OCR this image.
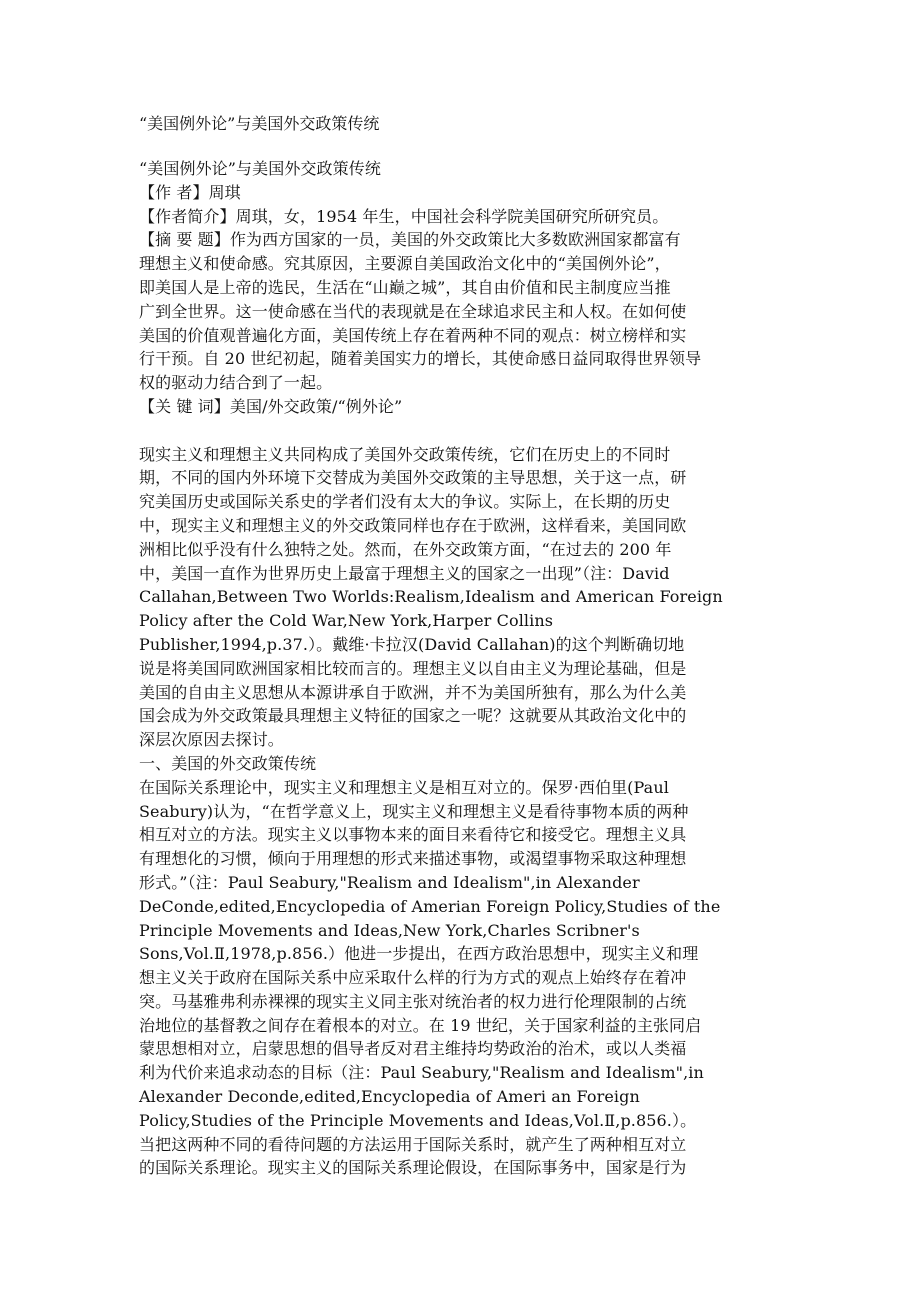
“美国例外论”与美国外交政策传统
“美国例外论”与美国外交政策传统
【作 者】周琪
【作者简介】周琪，女，1954 年生，中国社会科学院美国研究所研究员。
【摘 要 题】作为西方国家的一员，美国的外交政策比大多数欧洲国家都富有
理想主义和使命感。究其原因，主要源自美国政治文化中的“美国例外论”，
即美国人是上帝的选民，生活在“山巅之城”，其自由价值和民主制度应当推
广到全世界。这一使命感在当代的表现就是在全球追求民主和人权。在如何使
美国的价值观普遍化方面，美国传统上存在着两种不同的观点：树立榜样和实
行干预。自 20 世纪初起，随着美国实力的增长，其使命感日益同取得世界领导
权的驱动力结合到了一起。
【关 键 词】美国/外交政策/“例外论”
现实主义和理想主义共同构成了美国外交政策传统，它们在历史上的不同时
期，不同的国内外环境下交替成为美国外交政策的主导思想，关于这一点，研
究美国历史或国际关系史的学者们没有太大的争议。实际上，在长期的历史
中，现实主义和理想主义的外交政策同样也存在于欧洲，这样看来，美国同欧
洲相比似乎没有什么独特之处。然而，在外交政策方面，“在过去的 200 年
中，美国一直作为世界历史上最富于理想主义的国家之一出现”（注：David
Callahan,Between Two Worlds:Realism,Idealism and American Foreign
Policy after the Cold War,New York,Harper Collins
Publisher,1994,p.37.）。戴维·卡拉汉(David Callahan)的这个判断确切地
说是将美国同欧洲国家相比较而言的。理想主义以自由主义为理论基础，但是
美国的自由主义思想从本源讲承自于欧洲，并不为美国所独有，那么为什么美
国会成为外交政策最具理想主义特征的国家之一呢？这就要从其政治文化中的
深层次原因去探讨。
一、美国的外交政策传统
在国际关系理论中，现实主义和理想主义是相互对立的。保罗·西伯里(Paul
Seabury)认为，“在哲学意义上，现实主义和理想主义是看待事物本质的两种
相互对立的方法。现实主义以事物本来的面目来看待它和接受它。理想主义具
有理想化的习惯，倾向于用理想的形式来描述事物，或渴望事物采取这种理想
形式。”（注：Paul Seabury,"Realism and Idealism",in Alexander
DeConde,edited,Encyclopedia of Amerian Foreign Policy,Studies of the
Principle Movements and Ideas,New York,Charles Scribner's
Sons,Vol.Ⅱ,1978,p.856.）他进一步提出，在西方政治思想中，现实主义和理
想主义关于政府在国际关系中应采取什么样的行为方式的观点上始终存在着冲
突。马基雅弗利赤裸裸的现实主义同主张对统治者的权力进行伦理限制的占统
治地位的基督教之间存在着根本的对立。在 19 世纪，关于国家利益的主张同启
蒙思想相对立，启蒙思想的倡导者反对君主维持均势政治的治术，或以人类福
利为代价来追求动态的目标（注：Paul Seabury,"Realism and Idealism",in
Alexander Deconde,edited,Encyclopedia of Ameri an Foreign
Policy,Studies of the Principle Movements and Ideas,Vol.Ⅱ,p.856.）。
当把这两种不同的看待问题的方法运用于国际关系时，就产生了两种相互对立
的国际关系理论。现实主义的国际关系理论假设，在国际事务中，国家是行为
